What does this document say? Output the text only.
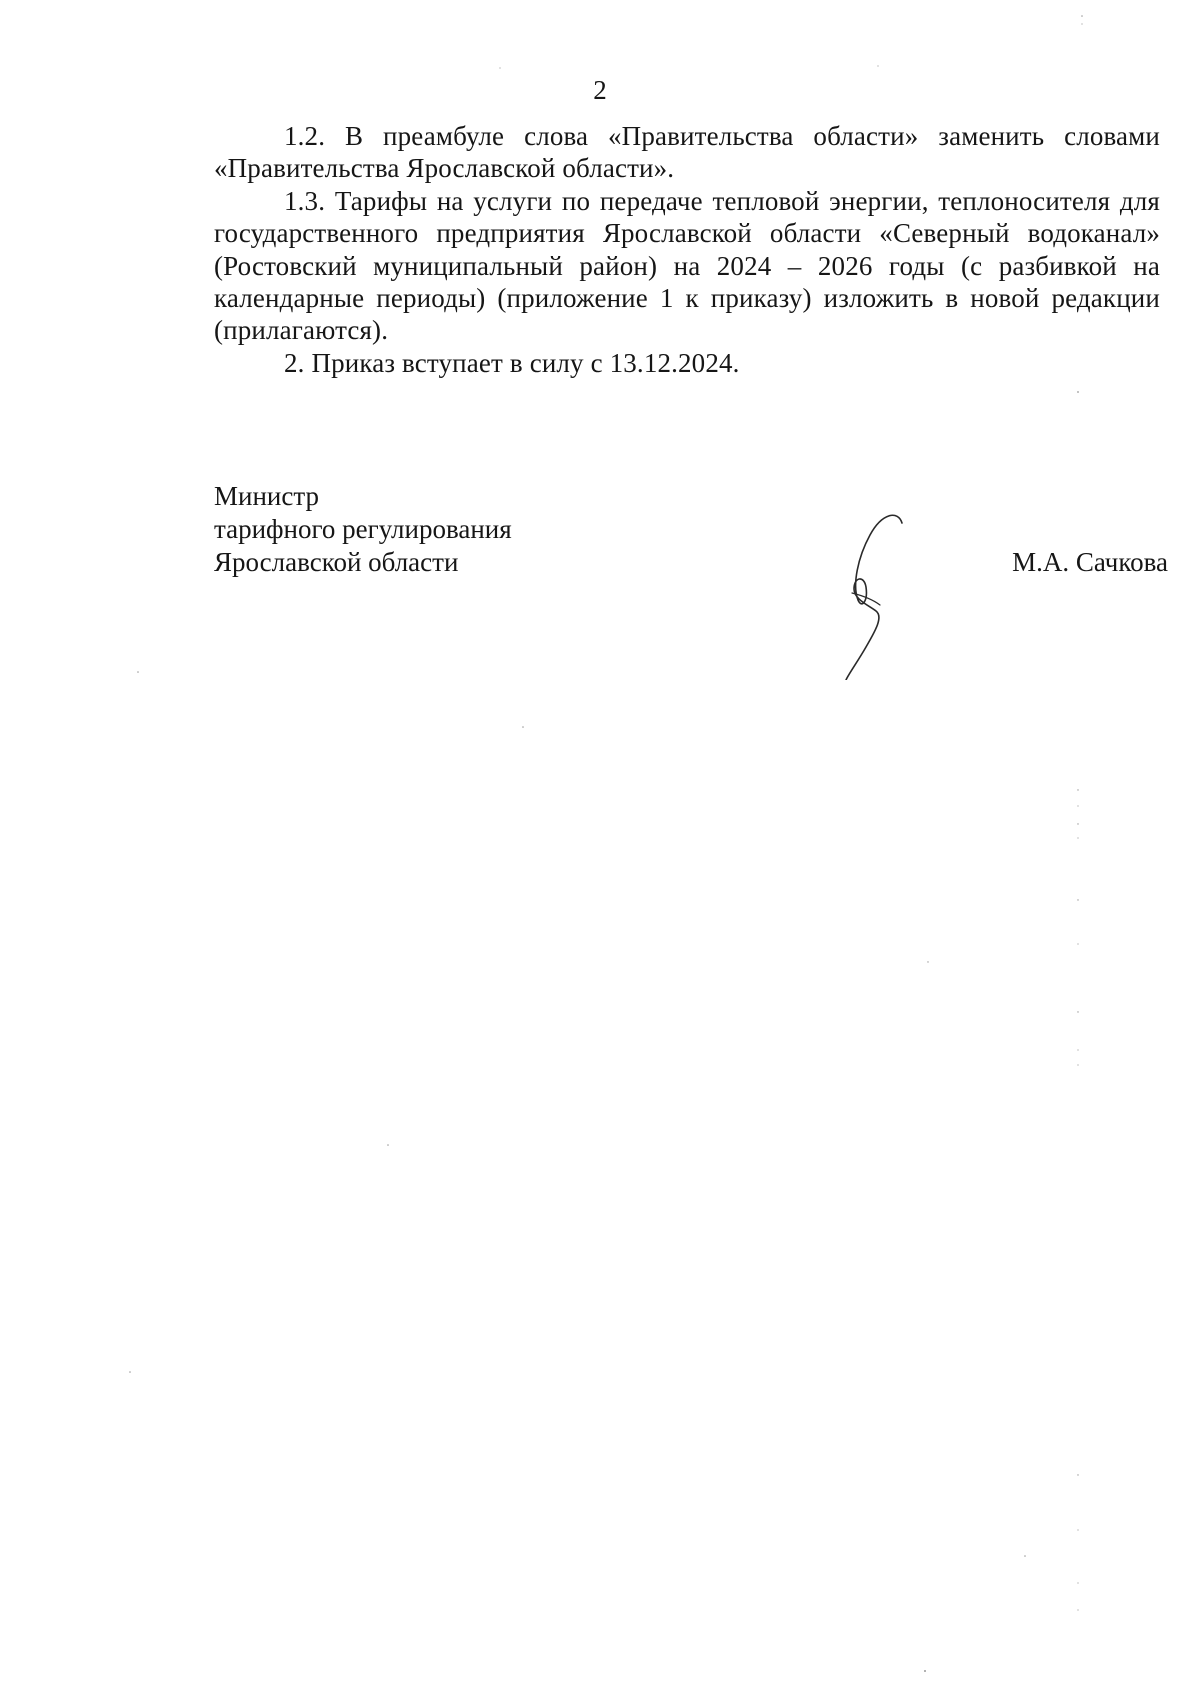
2

1.2. В преамбуле слова «Правительства области» заменить словами «Правительства Ярославской области».

1.3. Тарифы на услуги по передаче тепловой энергии, теплоносителя для государственного предприятия Ярославской области «Северный водоканал» (Ростовский муниципальный район) на 2024 – 2026 годы (с разбивкой на календарные периоды) (приложение 1 к приказу) изложить в новой редакции (прилагаются).

2. Приказ вступает в силу с 13.12.2024.

Министр
тарифного регулирования
Ярославской области	М.А. Сачкова
